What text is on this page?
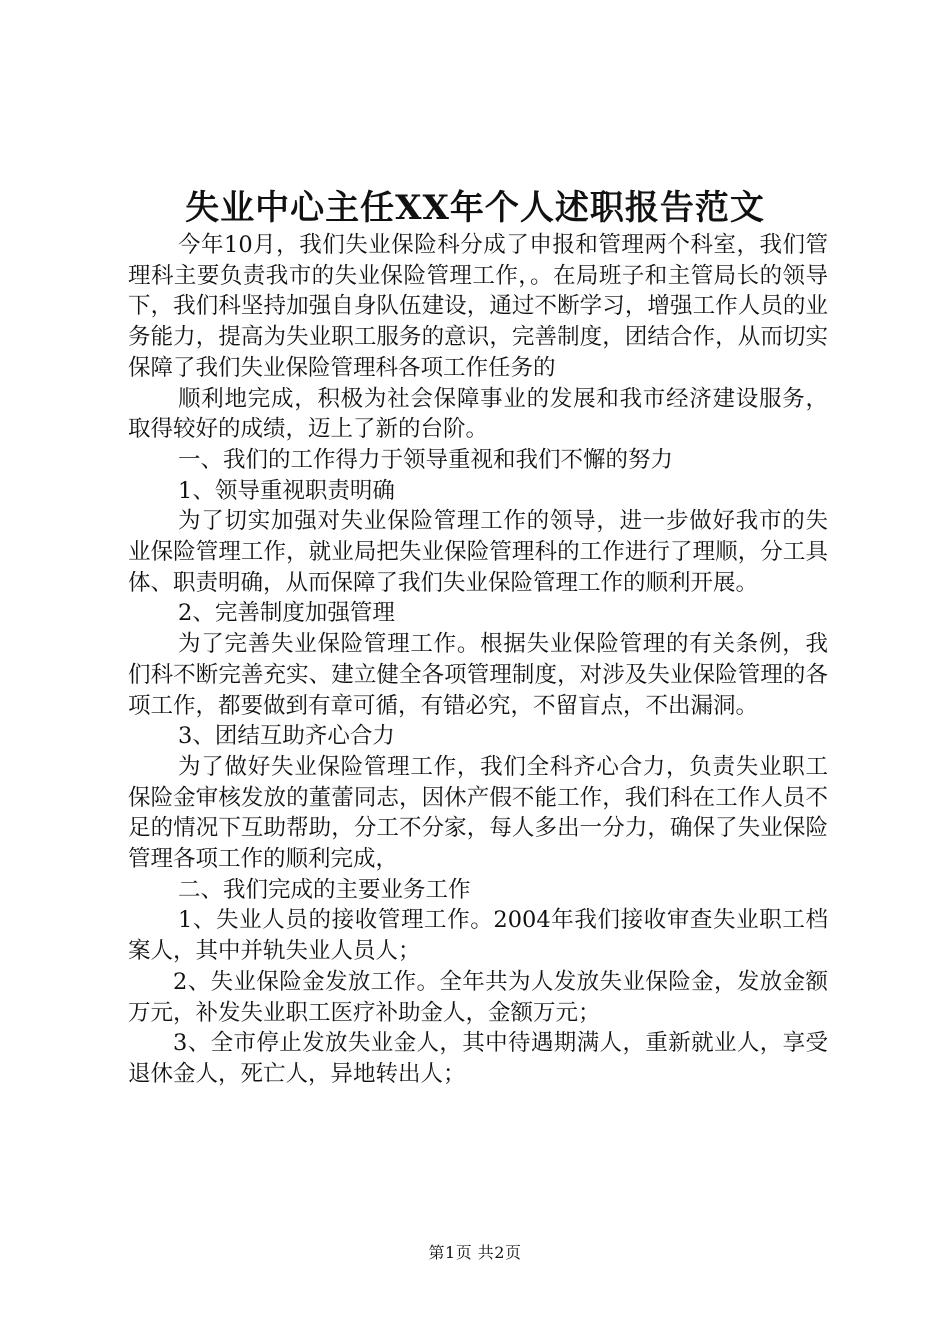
失业中心主任XX年个人述职报告范文

今年10月，我们失业保险科分成了申报和管理两个科室，我们管理科主要负责我市的失业保险管理工作，。在局班子和主管局长的领导下，我们科坚持加强自身队伍建设，通过不断学习，增强工作人员的业务能力，提高为失业职工服务的意识，完善制度，团结合作，从而切实保障了我们失业保险管理科各项工作任务的

顺利地完成，积极为社会保障事业的发展和我市经济建设服务，取得较好的成绩，迈上了新的台阶。

一、我们的工作得力于领导重视和我们不懈的努力

1、领导重视职责明确

为了切实加强对失业保险管理工作的领导，进一步做好我市的失业保险管理工作，就业局把失业保险管理科的工作进行了理顺，分工具体、职责明确，从而保障了我们失业保险管理工作的顺利开展。

2、完善制度加强管理

为了完善失业保险管理工作。根据失业保险管理的有关条例，我们科不断完善充实、建立健全各项管理制度，对涉及失业保险管理的各项工作，都要做到有章可循，有错必究，不留盲点，不出漏洞。

3、团结互助齐心合力

为了做好失业保险管理工作，我们全科齐心合力，负责失业职工保险金审核发放的董蕾同志，因休产假不能工作，我们科在工作人员不足的情况下互助帮助，分工不分家，每人多出一分力，确保了失业保险管理各项工作的顺利完成，

二、我们完成的主要业务工作

1、失业人员的接收管理工作。2004年我们接收审查失业职工档案人，其中并轨失业人员人；

2、失业保险金发放工作。全年共为人发放失业保险金，发放金额万元，补发失业职工医疗补助金人，金额万元；

3、全市停止发放失业金人，其中待遇期满人，重新就业人，享受退休金人，死亡人，异地转出人；

第1页 共2页
